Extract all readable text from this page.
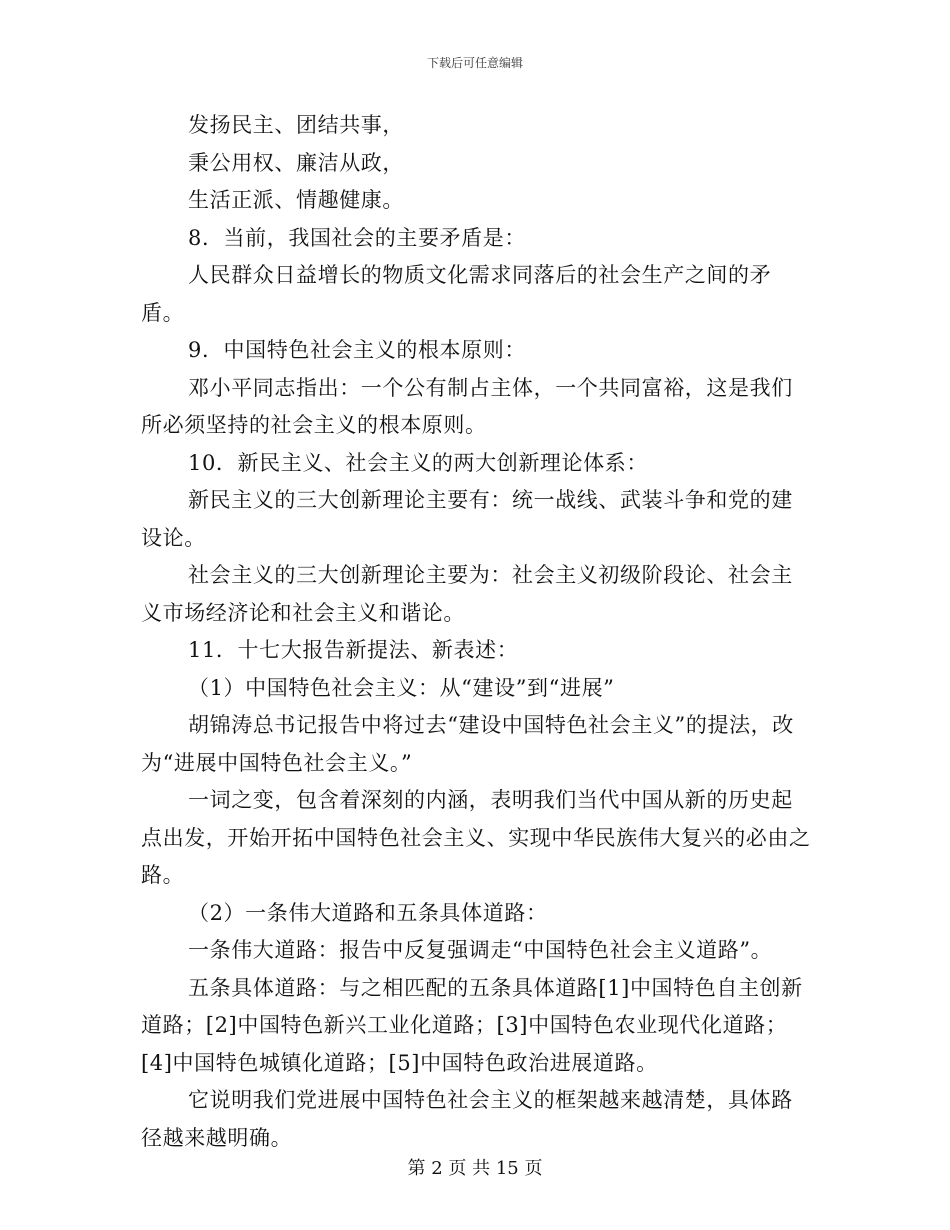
下载后可任意编辑

发扬民主、团结共事，

秉公用权、廉洁从政，

生活正派、情趣健康。

8．当前，我国社会的主要矛盾是：

人民群众日益增长的物质文化需求同落后的社会生产之间的矛盾。

9．中国特色社会主义的根本原则：

邓小平同志指出：一个公有制占主体，一个共同富裕，这是我们所必须坚持的社会主义的根本原则。

10．新民主义、社会主义的两大创新理论体系：

新民主义的三大创新理论主要有：统一战线、武装斗争和党的建设论。

社会主义的三大创新理论主要为：社会主义初级阶段论、社会主义市场经济论和社会主义和谐论。

11．十七大报告新提法、新表述：

（1）中国特色社会主义：从“建设”到“进展”

胡锦涛总书记报告中将过去“建设中国特色社会主义”的提法，改为“进展中国特色社会主义。”

一词之变，包含着深刻的内涵，表明我们当代中国从新的历史起点出发，开始开拓中国特色社会主义、实现中华民族伟大复兴的必由之路。

（2）一条伟大道路和五条具体道路：

一条伟大道路：报告中反复强调走“中国特色社会主义道路”。

五条具体道路：与之相匹配的五条具体道路[1]中国特色自主创新道路；[2]中国特色新兴工业化道路；[3]中国特色农业现代化道路；[4]中国特色城镇化道路；[5]中国特色政治进展道路。

它说明我们党进展中国特色社会主义的框架越来越清楚，具体路径越来越明确。

第 2 页 共 15 页
